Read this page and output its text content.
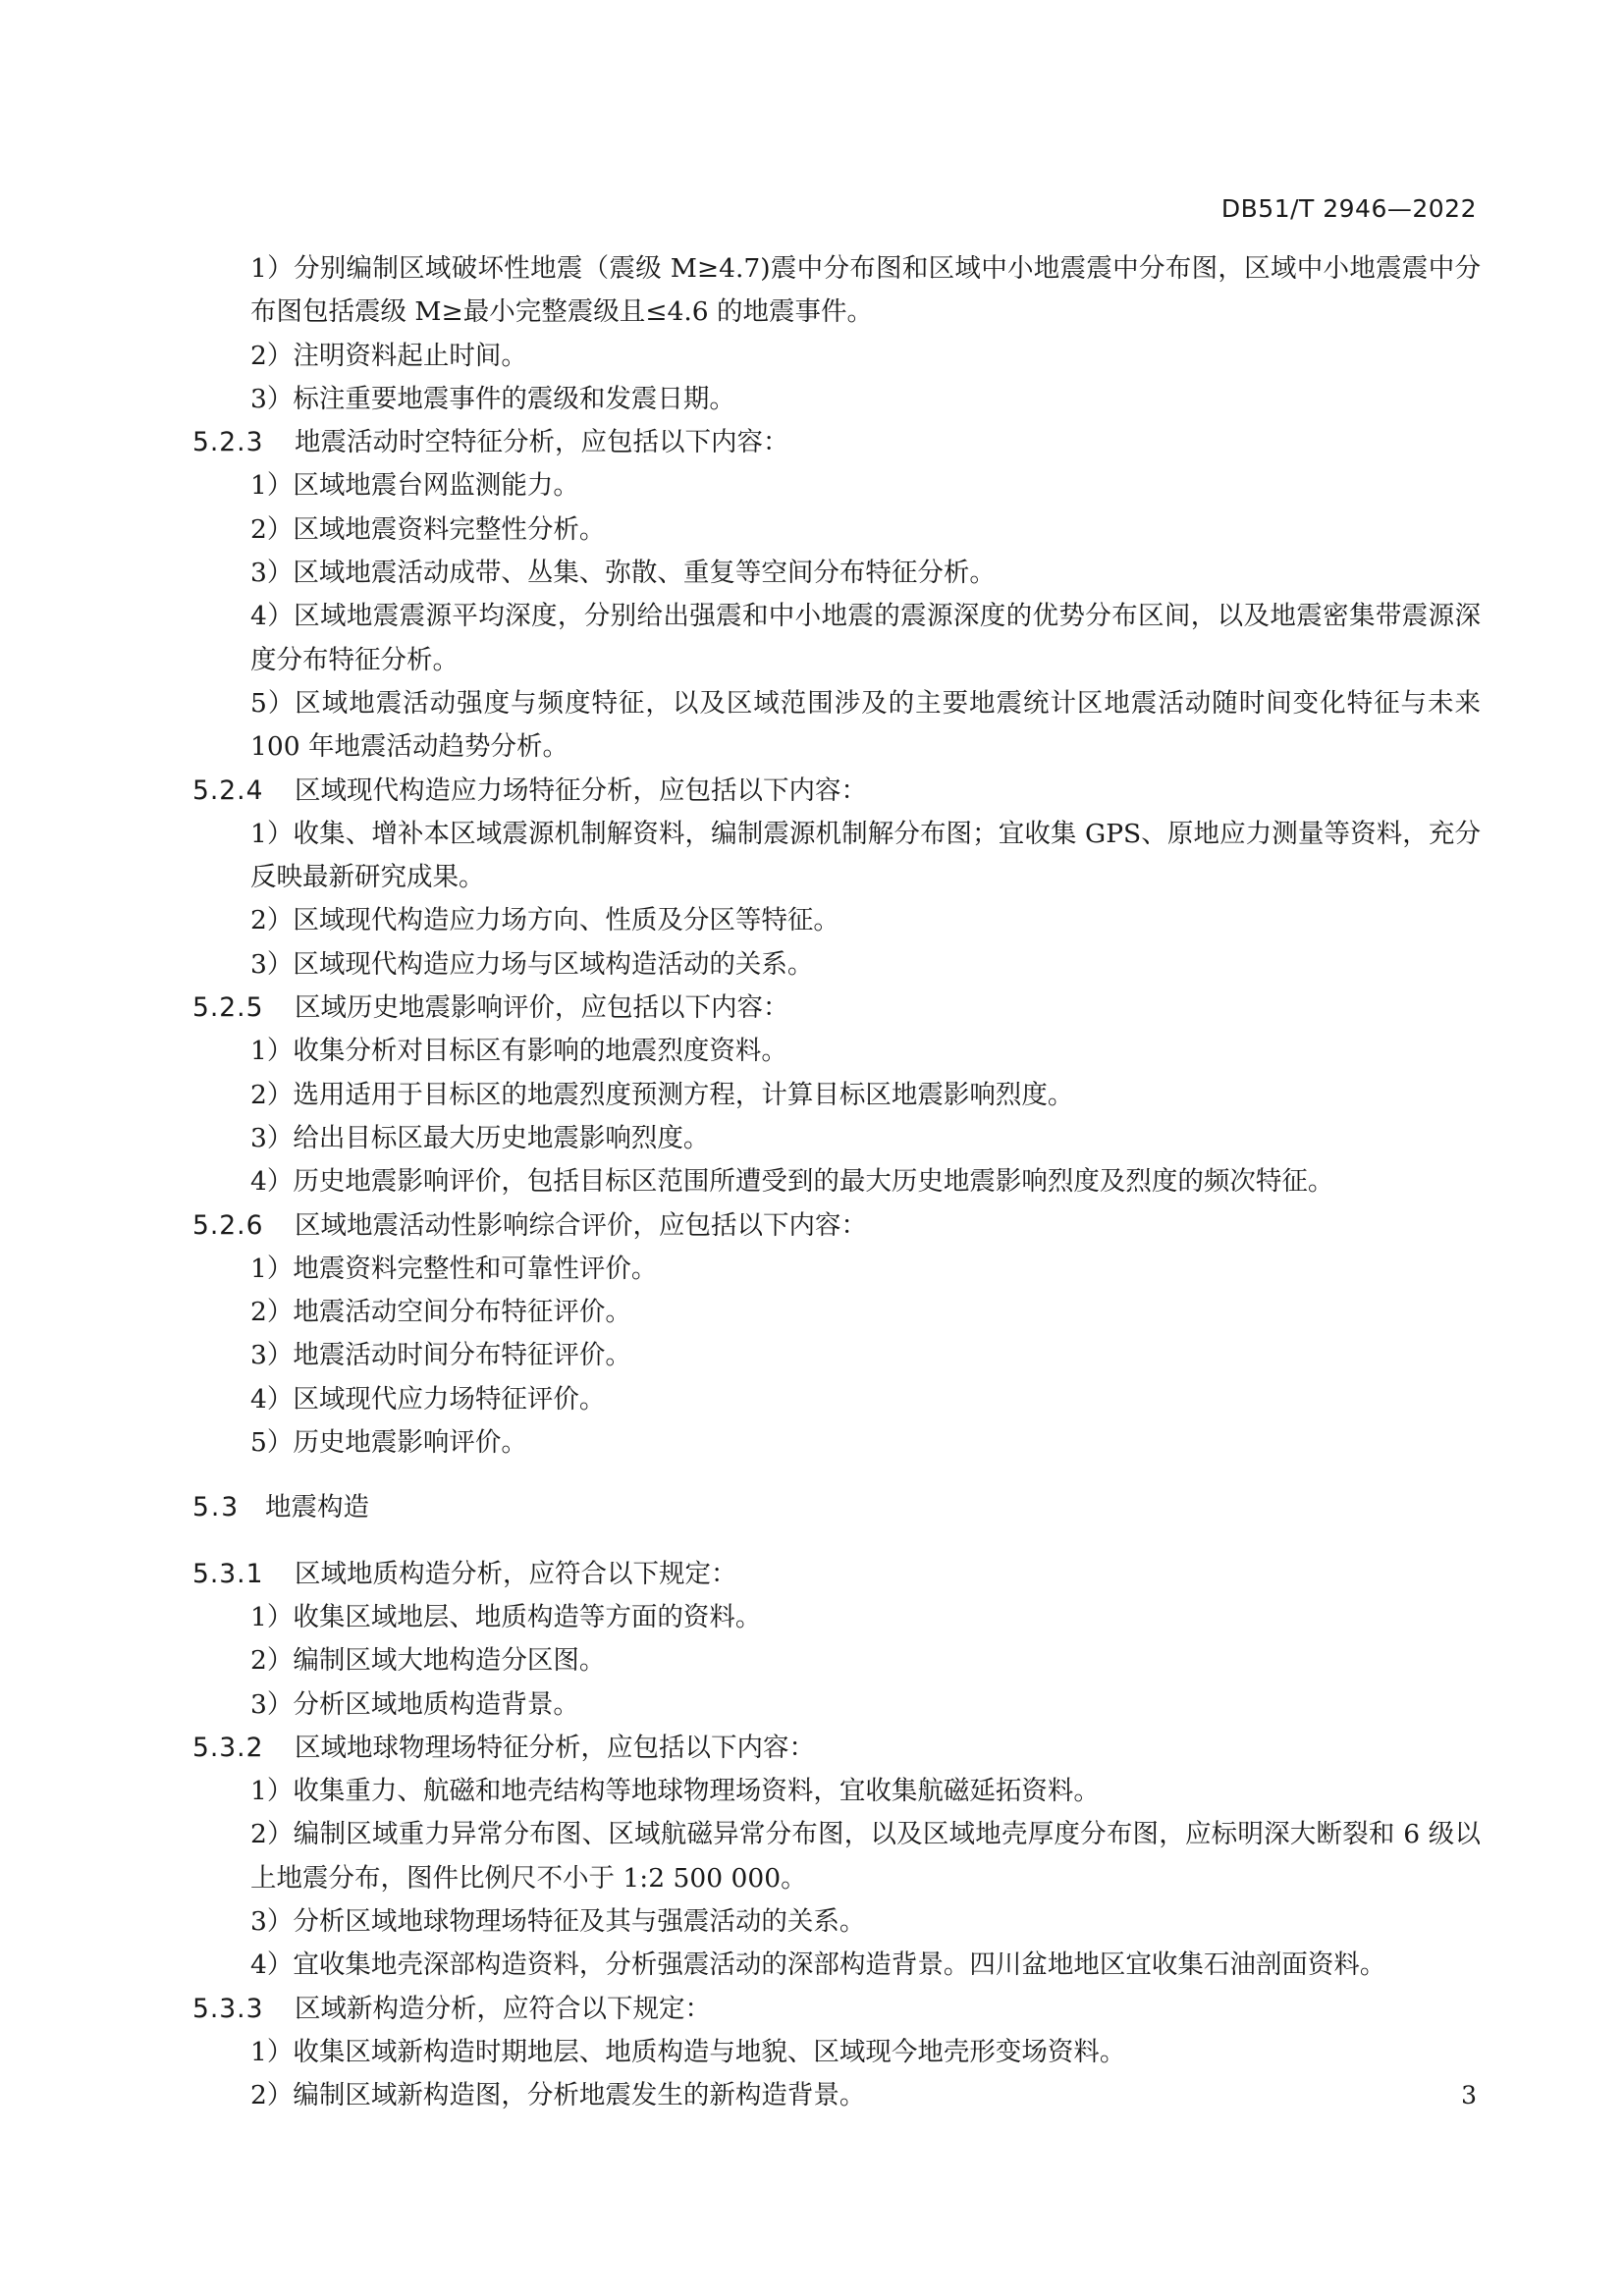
DB51/T 2946—2022
1）分别编制区域破坏性地震（震级 M≥4.7)震中分布图和区域中小地震震中分布图，区域中小地震震中分布图包括震级 M≥最小完整震级且≤4.6 的地震事件。
2）注明资料起止时间。
3）标注重要地震事件的震级和发震日期。
5.2.3 地震活动时空特征分析，应包括以下内容：
1）区域地震台网监测能力。
2）区域地震资料完整性分析。
3）区域地震活动成带、丛集、弥散、重复等空间分布特征分析。
4）区域地震震源平均深度，分别给出强震和中小地震的震源深度的优势分布区间，以及地震密集带震源深度分布特征分析。
5）区域地震活动强度与频度特征，以及区域范围涉及的主要地震统计区地震活动随时间变化特征与未来 100 年地震活动趋势分析。
5.2.4 区域现代构造应力场特征分析，应包括以下内容：
1）收集、增补本区域震源机制解资料，编制震源机制解分布图；宜收集 GPS、原地应力测量等资料，充分反映最新研究成果。
2）区域现代构造应力场方向、性质及分区等特征。
3）区域现代构造应力场与区域构造活动的关系。
5.2.5 区域历史地震影响评价，应包括以下内容：
1）收集分析对目标区有影响的地震烈度资料。
2）选用适用于目标区的地震烈度预测方程，计算目标区地震影响烈度。
3）给出目标区最大历史地震影响烈度。
4）历史地震影响评价，包括目标区范围所遭受到的最大历史地震影响烈度及烈度的频次特征。
5.2.6 区域地震活动性影响综合评价，应包括以下内容：
1）地震资料完整性和可靠性评价。
2）地震活动空间分布特征评价。
3）地震活动时间分布特征评价。
4）区域现代应力场特征评价。
5）历史地震影响评价。
5.3 地震构造
5.3.1 区域地质构造分析，应符合以下规定：
1）收集区域地层、地质构造等方面的资料。
2）编制区域大地构造分区图。
3）分析区域地质构造背景。
5.3.2 区域地球物理场特征分析，应包括以下内容：
1）收集重力、航磁和地壳结构等地球物理场资料，宜收集航磁延拓资料。
2）编制区域重力异常分布图、区域航磁异常分布图，以及区域地壳厚度分布图，应标明深大断裂和 6 级以上地震分布，图件比例尺不小于 1:2 500 000。
3）分析区域地球物理场特征及其与强震活动的关系。
4）宜收集地壳深部构造资料，分析强震活动的深部构造背景。四川盆地地区宜收集石油剖面资料。
5.3.3 区域新构造分析，应符合以下规定：
1）收集区域新构造时期地层、地质构造与地貌、区域现今地壳形变场资料。
2）编制区域新构造图，分析地震发生的新构造背景。	3
